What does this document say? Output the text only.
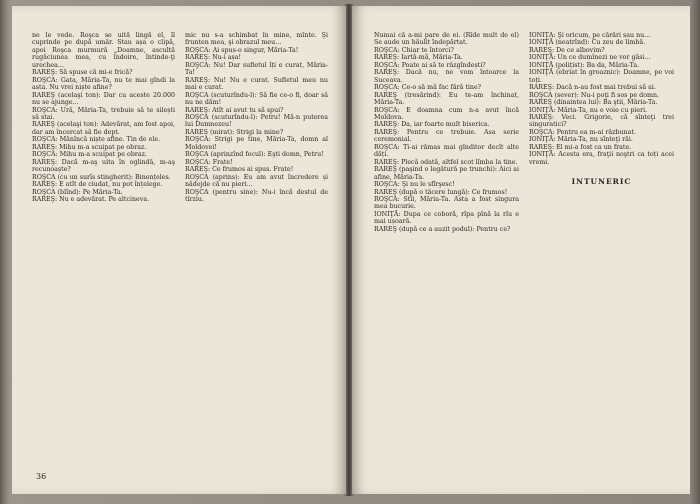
ne le vede. Roşca se uită lingă el, îl cuprinde pe după umăr. Stau așa o clipă, apoi Roşca murmură „Doamne, ascultă rugăciunea mea, cu îndoire, întinde-ţi urechea...

RAREŞ: Să spuse că mi-e frică?

ROŞCA: Gata, Măria-Ta, nu te mai gîndi la asta. Nu vrei niște afine?

RAREŞ (acelaşi ton): Dar cu aceste 20.000 nu se ajunge...

ROŞCA: Ură, Măria-Ta, trebuie să te silești să stai.

RAREŞ (acelaşi ton): Adevărat, am fost apoi, dar am încercat să fie dept.

ROŞCA: Mănîncă niște afine. Tin de ele.

RAREŞ: Mihu m-a scuipat pe obraz.

ROŞCA: Mihu m-a scuipat pe obraz.

RAREŞ: Dacă m-aş uita în oglindă, m-aş recunoaște?

ROŞCA (cu un surîs stingherit): Binențeles.

RAREŞ: E atît de ciudat, nu pot înțelege.

ROŞCA (blînd): Pe Măria-Ta.

RAREŞ: Nu e adevărat. Pe altcineva.

mic nu s-a schimbat în mine, mînte. Şi frunten mea, şi obrazul meu...

ROŞCA: Ai spus-o singur, Măria-Ta!

RAREŞ: Nu-i așa!

ROŞCA: Nu! Dar sufletul îți e curat, Măria-Ta!

RAREŞ: Nu! Nu e curat. Sufletul meu nu mai e curat.

ROŞCA (scuturîndu-l): Să fie ce-o fi, doar să nu ne dăm!

RAREŞ: Atît ai avut tu să spui?

ROŞCA (scuturîndu-l): Petru! Mă-n puterea lui Dumnezeu!

RAREŞ (mirat): Strigi la mine?

ROŞCA: Strigi pe tine, Măria-Ta, domn al Moldovei!

ROŞCA (aprinzînd focul): Eşti domn, Petru!

ROŞCA: Frate!

RAREŞ: Ce frumos ai spus. Frate!

ROŞCA (aprins): Eu am avut încredere și nădejde că nu pieri...

ROŞCA (pentru sine): Nu-i încă destul de tîrziu.

36

Numai că a-mi pare de ei. (Rîde mult de el) Se aude un hăulit îndepărtat.

ROŞCA: Chiar te întorci?

RAREŞ: Iartă-mă, Măria-Ta.

ROŞCA: Poate ai să te răzgîndești?

RAREŞ: Dacă nu, ne vom întoarce la Suceava.

ROŞCA: Ce-o să mă fac fără tine?

RAREŞ (tresărind): Eu te-am închinat, Măria-Ta.

ROŞCA: E doamna cum n-a avut încă Moldova.

RAREŞ: Da, iar foarte mult biserica.

RAREŞ: Pentru ce trebuie. Asa serie ceremonial.

ROŞCA: Ti-ai rămas mai gînditor decît alte dăți.

RAREŞ: Plecă odată, altfel scot lîmba la tine.

RAREŞ (paşind o legătură pe trunchi): Aici ai afine, Măria-Ta.

ROŞCA: Şi nu le sfîrşesc!

RAREŞ (după o tăcere lungă): Ce frumos!

ROŞCA: Stîi, Măria-Ta. Asta a fost singura mea bucurie.

IONIŢĂ: Dupa ce coboră, rîpa pînă la rîu e mai ușoară.

RAREŞ (după ce a auzit podul): Pentru ce?

IONIŢĂ: Şi oricum, pe cărări sau nu...

IONIŢĂ (neatrînd): Cu zeu de limbă.

RAREŞ: De ce albovim?

IONIŢĂ: Un ce dumînezi ne vor găsi...

IONIŢĂ (polițist): Ba da, Măria-Ta.

IONIŢĂ (ebriat în groaznic): Doamne, pe voi toți.

RAREŞ: Dacă n-au fost mai trebui să ai.

ROŞCA (sever): Nu-i poţi fi sos pe domn.

RAREŞ (dinaintea lui): Ba ştii, Măria-Ta.

IONIŢĂ: Măria-Ta, nu e voie cu pieri.

RAREŞ: Veci. Grigorie, că sînteţi trei singuratici?

ROŞCA: Pentru ea m-ai răzbunat.

IONIŢĂ: Măria-Ta, nu sînteţi răi.

RAREŞ: El mi-a fost ca un frate.

IONIŢĂ: Acesta era, fraţii noştri ca toți acei vremi.

INTUNERIC
